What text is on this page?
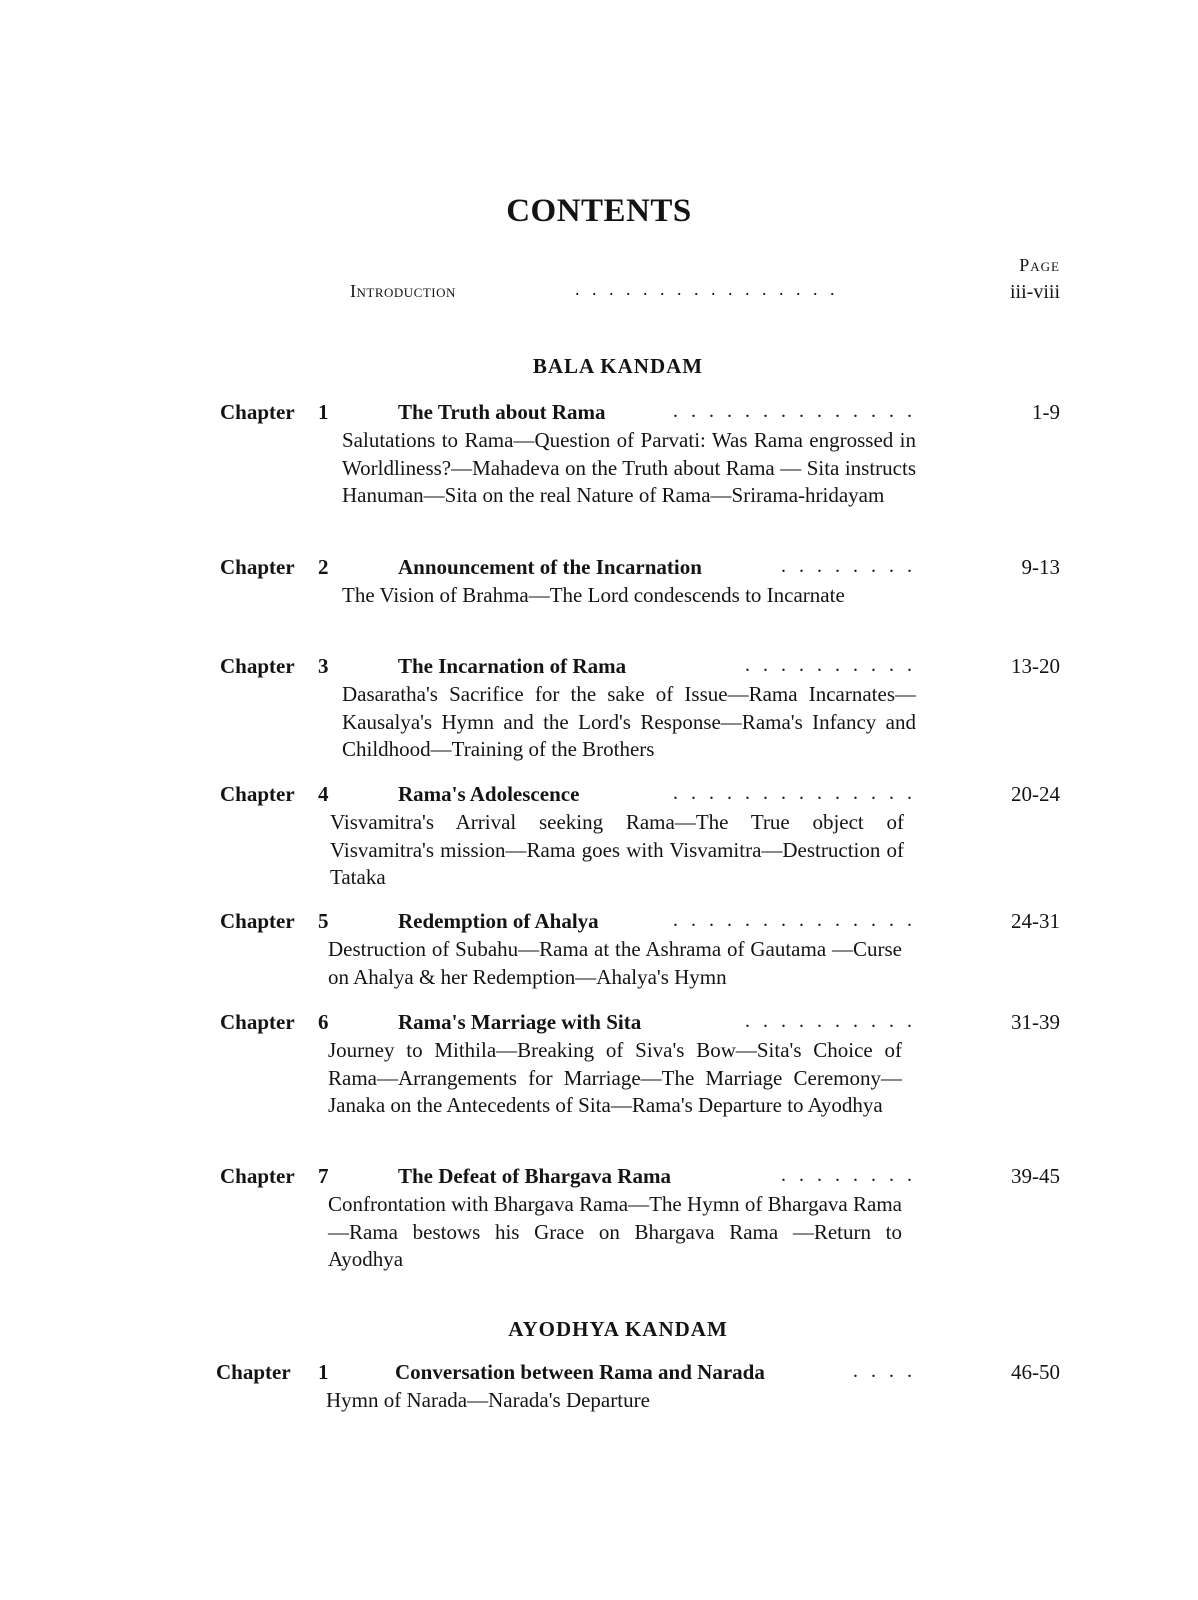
CONTENTS
Page
Introduction	. . . . . . . . . . . . . . . .	iii-viii
BALA KANDAM
Chapter 1	The Truth about Rama	. . . . . . . . . . . . . .	1-9
Salutations to Rama—Question of Parvati: Was Rama engrossed in Worldliness?—Mahadeva on the Truth about Rama — Sita instructs Hanuman—Sita on the real Nature of Rama—Srirama-hridayam
Chapter 2	Announcement of the Incarnation	. . . . . . . .	9-13
The Vision of Brahma—The Lord condescends to Incarnate
Chapter 3	The Incarnation of Rama	. . . . . . . . . .	13-20
Dasaratha's Sacrifice for the sake of Issue—Rama Incarnates—Kausalya's Hymn and the Lord's Response—Rama's Infancy and Childhood—Training of the Brothers
Chapter 4	Rama's Adolescence	. . . . . . . . . . . . . .	20-24
Visvamitra's Arrival seeking Rama—The True object of Visvamitra's mission—Rama goes with Visvamitra—Destruction of Tataka
Chapter 5	Redemption of Ahalya	. . . . . . . . . . . . . .	24-31
Destruction of Subahu—Rama at the Ashrama of Gautama —Curse on Ahalya & her Redemption—Ahalya's Hymn
Chapter 6	Rama's Marriage with Sita	. . . . . . . . . .	31-39
Journey to Mithila—Breaking of Siva's Bow—Sita's Choice of Rama—Arrangements for Marriage—The Marriage Ceremony—Janaka on the Antecedents of Sita—Rama's Departure to Ayodhya
Chapter 7	The Defeat of Bhargava Rama	. . . . . . . .	39-45
Confrontation with Bhargava Rama—The Hymn of Bhargava Rama—Rama bestows his Grace on Bhargava Rama —Return to Ayodhya
AYODHYA KANDAM
Chapter 1	Conversation between Rama and Narada	. . . .	46-50
Hymn of Narada—Narada's Departure
